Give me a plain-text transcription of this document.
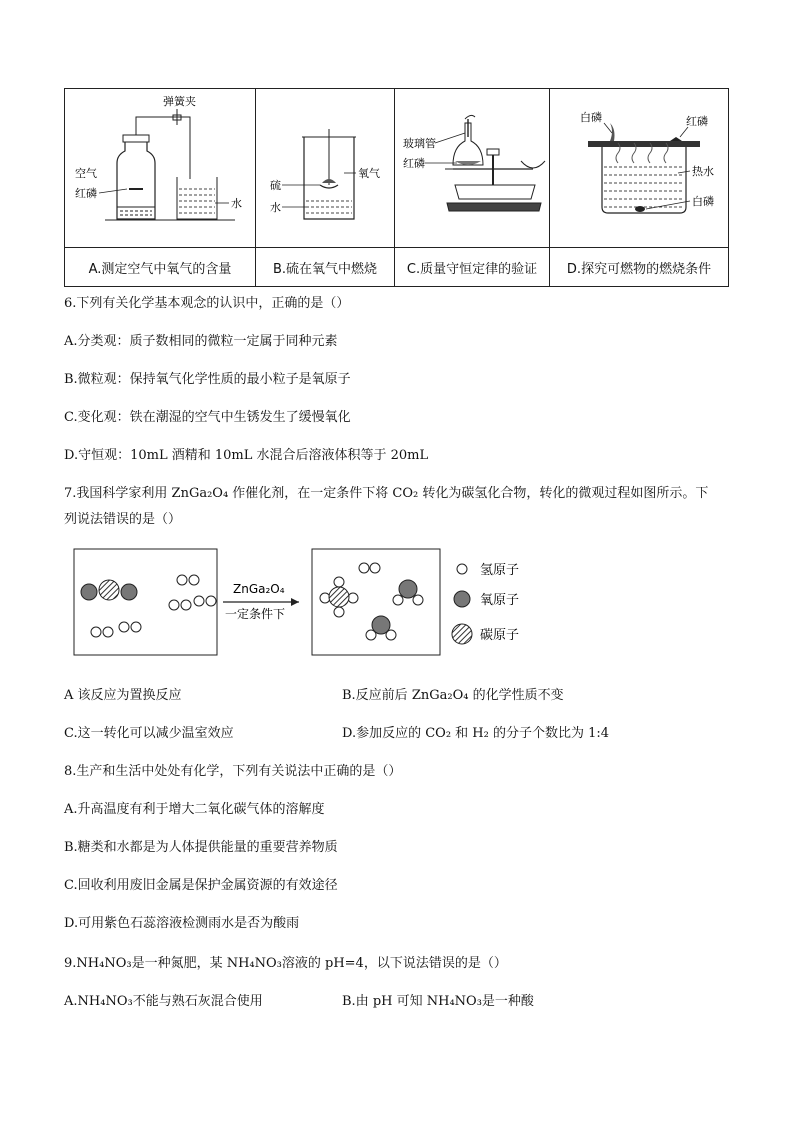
弹簧夹
空气
红磷
水	氧气
硫
水	玻璃管
红磷	白磷 红磷
热水
白磷

A.测定空气中氧气的含量	B.硫在氧气中燃烧	C.质量守恒定律的验证	D.探究可燃物的燃烧条件
6.下列有关化学基本观念的认识中，正确的是（）
A.分类观：质子数相同的微粒一定属于同种元素
B.微粒观：保持氧气化学性质的最小粒子是氧原子
C.变化观：铁在潮湿的空气中生锈发生了缓慢氧化
D.守恒观：10mL 酒精和 10mL 水混合后溶液体积等于 20mL
7.我国科学家利用 ZnGa₂O₄ 作催化剂，在一定条件下将 CO₂ 转化为碳氢化合物，转化的微观过程如图所示。下
列说法错误的是（）
ZnGa₂O₄
一定条件下
氢原子
氧原子
碳原子
A 该反应为置换反应	B.反应前后 ZnGa₂O₄ 的化学性质不变
C.这一转化可以减少温室效应	D.参加反应的 CO₂ 和 H₂ 的分子个数比为 1:4
8.生产和生活中处处有化学，下列有关说法中正确的是（）
A.升高温度有利于增大二氧化碳气体的溶解度
B.糖类和水都是为人体提供能量的重要营养物质
C.回收利用废旧金属是保护金属资源的有效途径
D.可用紫色石蕊溶液检测雨水是否为酸雨
9.NH₄NO₃是一种氮肥，某 NH₄NO₃溶液的 pH=4，以下说法错误的是（）
A.NH₄NO₃不能与熟石灰混合使用	B.由 pH 可知 NH₄NO₃是一种酸
